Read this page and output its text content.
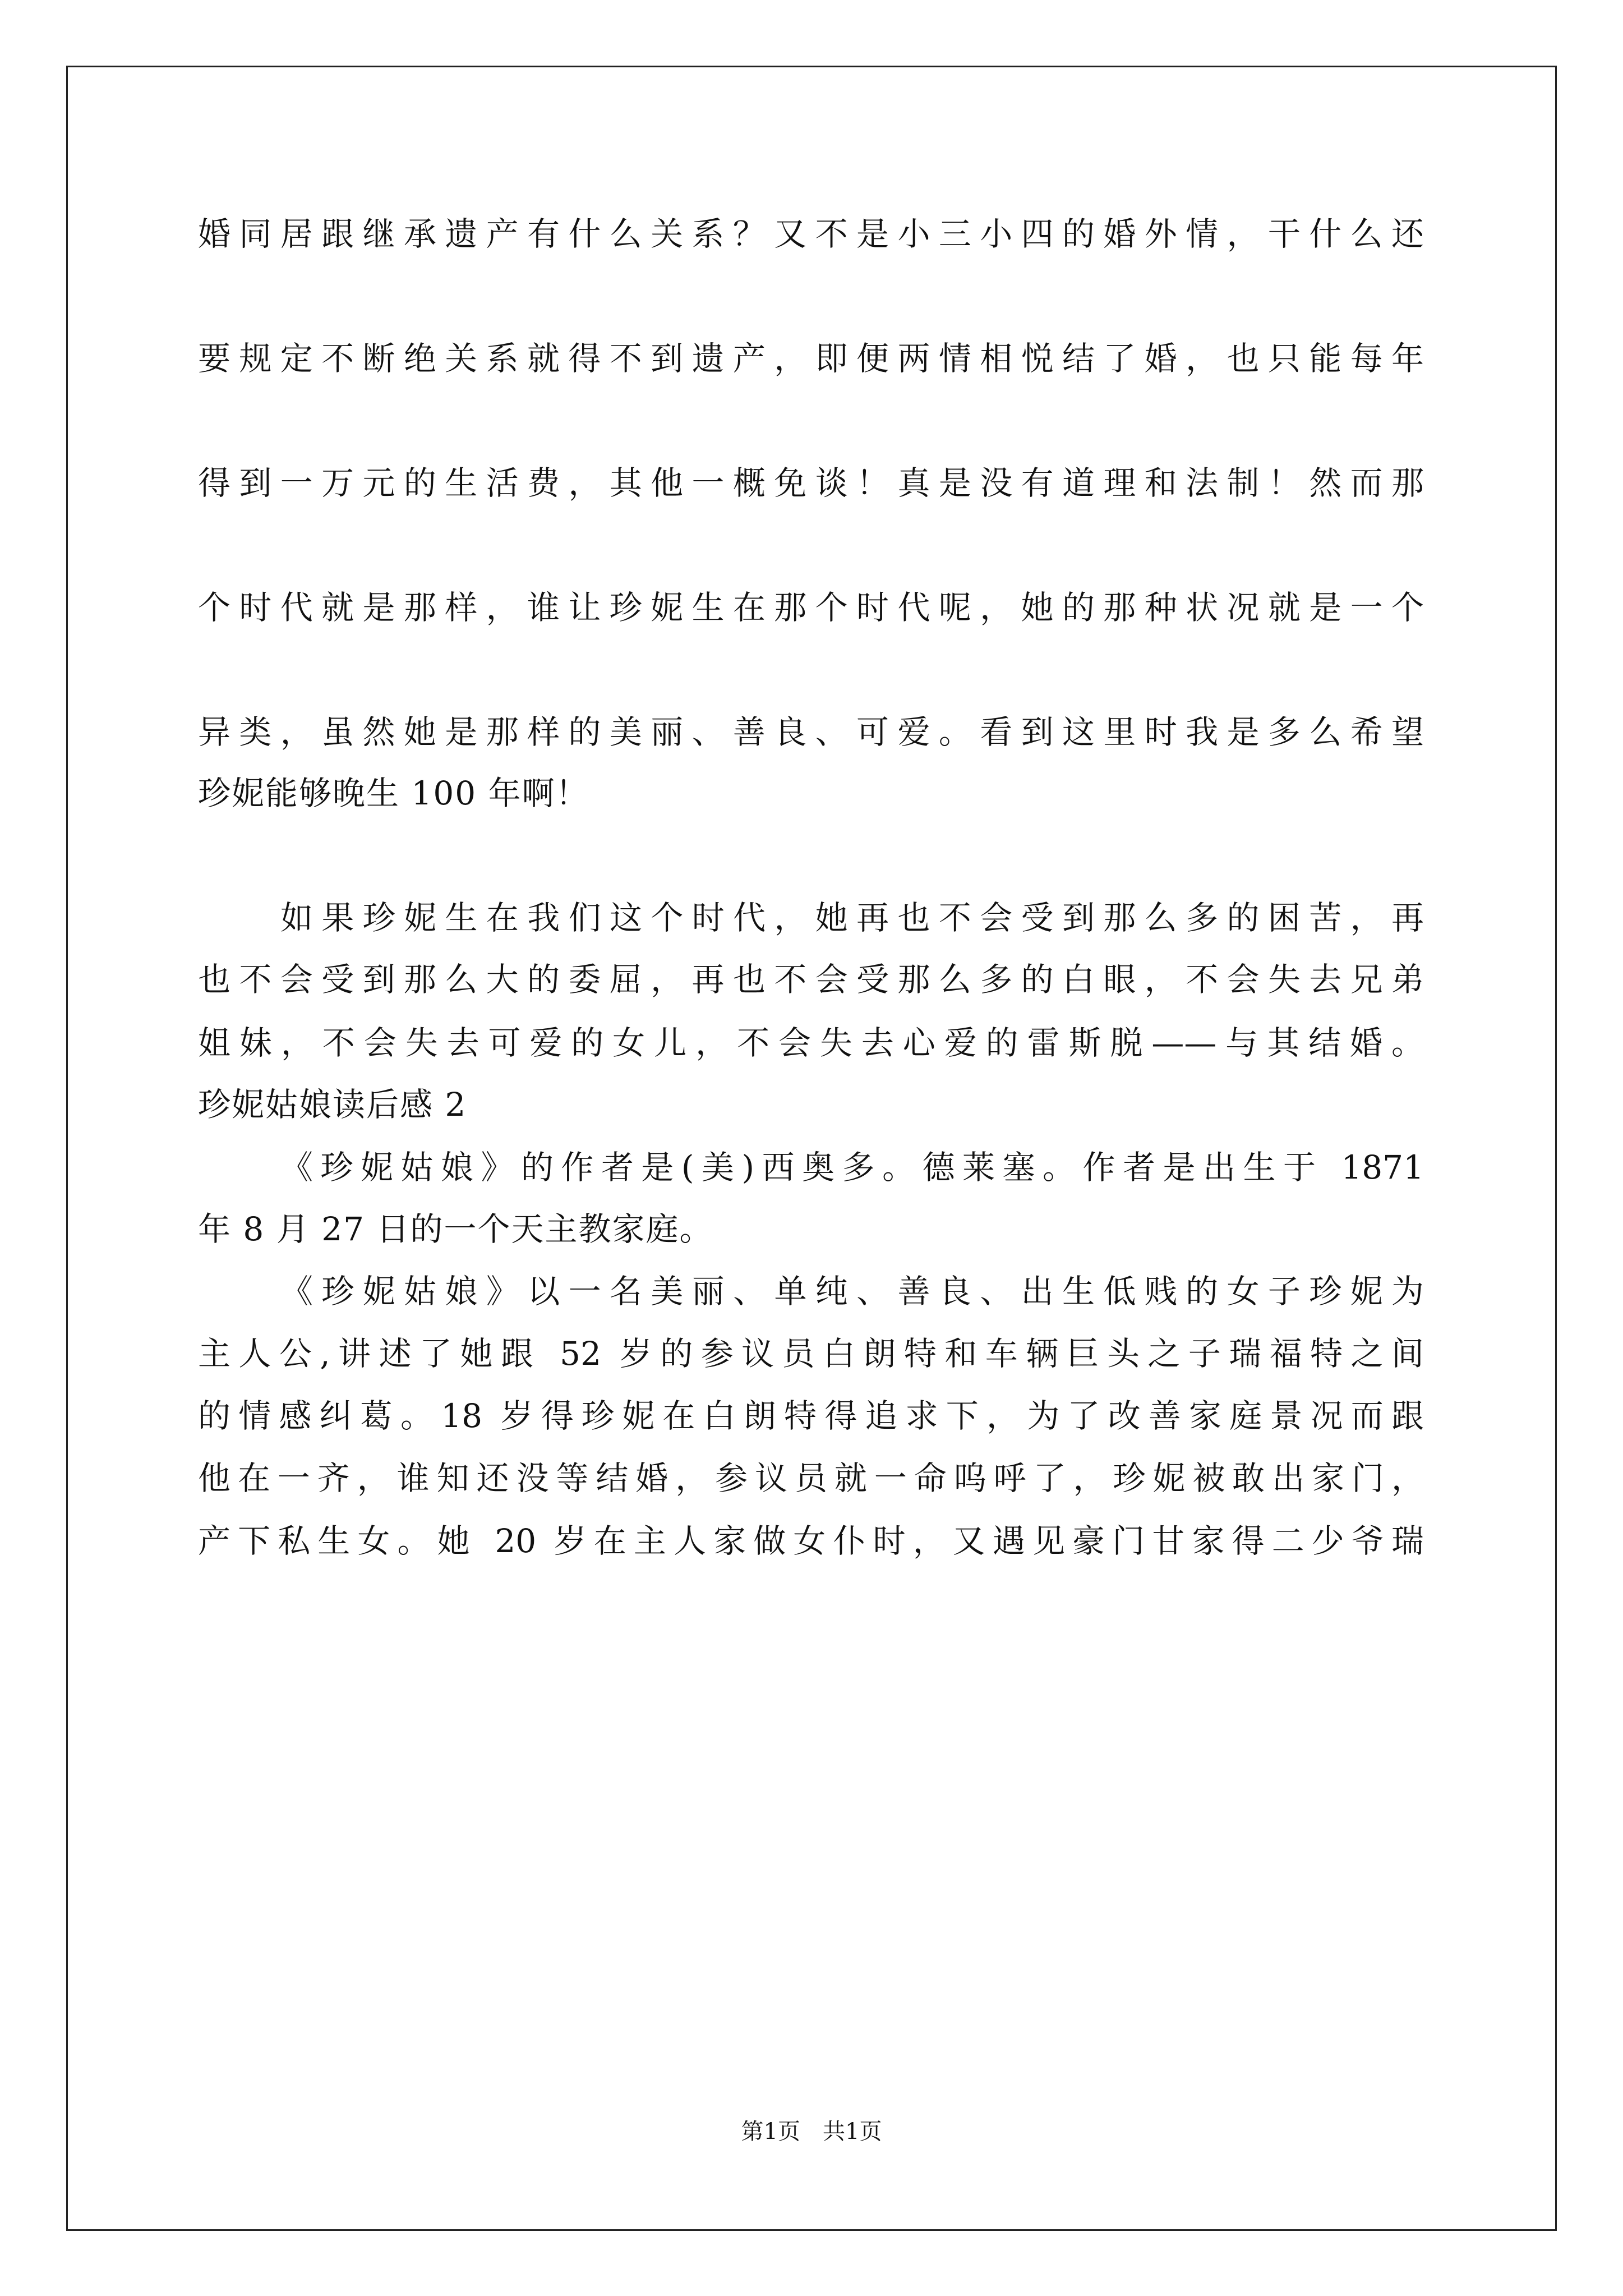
婚同居跟继承遗产有什么关系？又不是小三小四的婚外情，干什么还

要规定不断绝关系就得不到遗产，即便两情相悦结了婚，也只能每年

得到一万元的生活费，其他一概免谈！真是没有道理和法制！然而那

个时代就是那样，谁让珍妮生在那个时代呢，她的那种状况就是一个

异类，虽然她是那样的美丽、善良、可爱。看到这里时我是多么希望

珍妮能够晚生 100 年啊！

如果珍妮生在我们这个时代，她再也不会受到那么多的困苦，再

也不会受到那么大的委屈，再也不会受那么多的白眼，不会失去兄弟

姐妹，不会失去可爱的女儿，不会失去心爱的雷斯脱——与其结婚。

珍妮姑娘读后感 2

《珍妮姑娘》的作者是(美)西奥多。德莱塞。作者是出生于 1871

年 8 月 27 日的一个天主教家庭。

《珍妮姑娘》以一名美丽、单纯、善良、出生低贱的女子珍妮为

主人公,讲述了她跟 52 岁的参议员白朗特和车辆巨头之子瑞福特之间

的情感纠葛。18 岁得珍妮在白朗特得追求下，为了改善家庭景况而跟

他在一齐，谁知还没等结婚，参议员就一命呜呼了，珍妮被敢出家门，

产下私生女。她 20 岁在主人家做女仆时，又遇见豪门甘家得二少爷瑞

第1页　共1页
